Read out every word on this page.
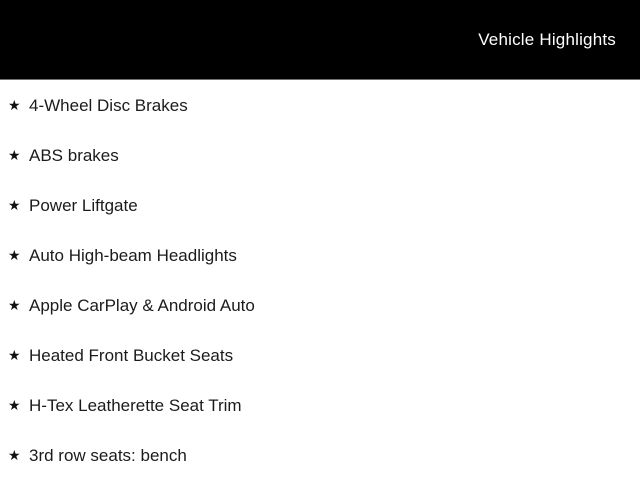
Vehicle Highlights
★ 4-Wheel Disc Brakes
★ ABS brakes
★ Power Liftgate
★ Auto High-beam Headlights
★ Apple CarPlay & Android Auto
★ Heated Front Bucket Seats
★ H-Tex Leatherette Seat Trim
★ 3rd row seats: bench
